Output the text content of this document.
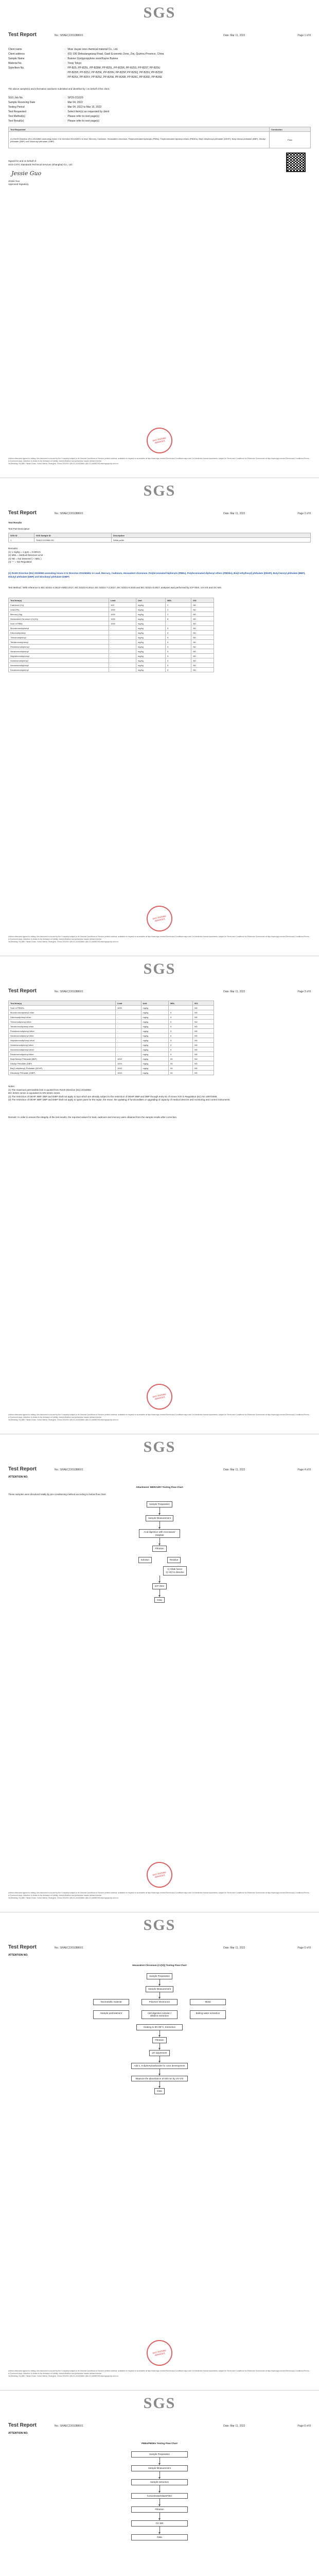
SGS
Test Report	No.: SHAEC2201088601	Date: Mar 11, 2022	Page 1 of 8
Client name	:	Wuxi Jiayan new chemical material Co., Ltd.
Client address	:	(ID) 106 Shitoutangxiang Road, Gaoli Economic Zone, Zinj, Quzhou Province, China

Sample Name	:	Butene-1/polypropylene resin/Kayne Butene
Material No.	:	Toray Tokyo
Style/Item No.	:	PP-B25, PP-B25L, PP-B25M, PP-B25L, PP-B25R, PP-B25S, PP-B25T, PP-B25U
		PP-B25H, PP-B25J, PP-B25K, PP-B25N, PP-B25P, PP-B25Q, PP-B25V, PP-B25W
		PP-B25X, PP-B25Y, PP-B25Z, PP-B26A, PP-B26B, PP-B26C, PP-B26D, PP-B26E
The above sample(s) and information was/were submitted and identified by / on behalf of the client.
SGS Job No.	:	SP20-211029
Sample Receiving Date	:	Mar 04, 2022
Testing Period	:	Mar 04, 2022 to Mar 16, 2022
Test Requested	:	Select Item(s) as requested by client
Test Method(s)	:	Please refer to next page(s)
Test Result(s)	:	Please refer to next page(s)
Test Requested	Conclusion
(1) RoHS Directive (EU) 2015/863 amending Annex II to Directive 2011/65/EU in lead, Mercury, Cadmium, Hexavalent chromium, Polybrominated biphenyls (PBBs), Polybrominated diphenyl ethers (PBDEs), Bis(2-ethylhexyl) phthalate (DEHP), Butyl benzyl phthalate (BBP), Dibutyl phthalate (DBP) and Diisobutyl phthalate (DIBP)	Pass
Signed for and on behalf of
SGS-CSTC Standards Technical Services (Shanghai) Co., Ltd.
Jessie Guo
Jessie Guo
Approved Signatory
SGS TESTING SERVICES
Unless otherwise agreed in writing, this document is issued by the Company subject to its General Conditions of Service printed overleaf, available on request or accessible at http://www.sgs.com/en/Terms-and-Conditions.aspx and, for electronic format documents, subject to Terms and Conditions for Electronic Documents at http://www.sgs.com/en/Terms-and-Conditions/Terms-e-Document.aspx. Attention is drawn to the limitation of liability, indemnification and jurisdiction issues defined therein.
3rd Building, No.889, Yishan Road, Xuhui District, Shanghai, China 200233 t (86-21) 61402666 f (86-21) 64958763 www.sgsgroup.com.cn
SGS
Test Report	No.: SHAEC2201088601	Date: Mar 11, 2022	Page 2 of 8
Test Results
Test Part Description
SGS ID	SGS Sample ID	Description
1	SHA22-010966.001	White pellet
Remarks:
(1) 1 mg/kg = 1 ppm = 0.0001%
(2) MDL = Method Detection Limit
(3) ND = Not Detected ( < MDL )
(4) "-" = Not Regulated
(1) RoHS Directive (EU) 2015/863 amending Annex II to Directive 2011/65/EU in Lead, Mercury, Cadmium, Hexavalent chromium, Polybrominated biphenyls (PBBs), Polybrominated diphenyl ethers (PBDEs), Bis(2-ethylhexyl) phthalate (DEHP), Butyl benzyl phthalate (BBP), Dibutyl phthalate (DBP) and Diisobutyl phthalate (DIBP)
Test Method : With reference to IEC 62321-4:2013+AMD1:2017, IEC 62321-5:2013, IEC 62321-7-2:2017, IEC 62321-6:2015 and IEC 62321-8:2017, analyses was performed by ICP-OES, UV-VIS and GC-MS.
Test Item(s)	Limit	Unit	MDL	001
Cadmium (Cd)	100	mg/kg	2	ND
Lead (Pb)	1000	mg/kg	2	ND
Mercury (Hg)	1000	mg/kg	2	ND
Hexavalent Chromium (Cr(VI))	1000	mg/kg	8	ND
Sum of PBBs	1000	mg/kg	-	ND
Monobromobiphenyl	-	mg/kg	5	ND
Dibromobiphenyl	-	mg/kg	5	ND
Tribromobiphenyl	-	mg/kg	5	ND
Tetrabromobiphenyl	-	mg/kg	5	ND
Pentabromobiphenyl	-	mg/kg	5	ND
Hexabromobiphenyl	-	mg/kg	5	ND
Heptabromobiphenyl	-	mg/kg	5	ND
Octabromobiphenyl	-	mg/kg	5	ND
Nonabromobiphenyl	-	mg/kg	5	ND
Decabromobiphenyl	-	mg/kg	5	ND
SGS TESTING SERVICES
Unless otherwise agreed in writing, this document is issued by the Company subject to its General Conditions of Service printed overleaf, available on request or accessible at http://www.sgs.com/en/Terms-and-Conditions.aspx and, for electronic format documents, subject to Terms and Conditions for Electronic Documents at http://www.sgs.com/en/Terms-and-Conditions/Terms-e-Document.aspx. Attention is drawn to the limitation of liability, indemnification and jurisdiction issues defined therein.
3rd Building, No.889, Yishan Road, Xuhui District, Shanghai, China 200233 t (86-21) 61402666 f (86-21) 64958763 www.sgsgroup.com.cn
SGS
Test Report	No.: SHAEC2201088601	Date: Mar 11, 2022	Page 3 of 8
Test Item(s)	Limit	Unit	MDL	001
Sum of PBDEs	1000	mg/kg	-	ND
Monobromodiphenyl ether	-	mg/kg	5	ND
Dibromodiphenyl ether	-	mg/kg	5	ND
Tribromodiphenyl ether	-	mg/kg	5	ND
Tetrabromodiphenyl ether	-	mg/kg	5	ND
Pentabromodiphenyl ether	-	mg/kg	5	ND
Hexabromodiphenyl ether	-	mg/kg	5	ND
Heptabromodiphenyl ether	-	mg/kg	5	ND
Octabromodiphenyl ether	-	mg/kg	5	ND
Nonabromodiphenyl ether	-	mg/kg	5	ND
Decabromodiphenyl ether	-	mg/kg	5	ND
Butyl Benzyl Phthalate (BBP)	1000	mg/kg	50	ND
Dibutyl Phthalate (DBP)	1000	mg/kg	50	ND
Bis(2-ethylhexyl) Phthalate (DEHP)	1000	mg/kg	50	ND
Diisobutyl Phthalate (DIBP)	1000	mg/kg	50	ND
Notes:
(1) The maximum permissible limit is quoted from RoHS Directive (EU) 2015/863.
IEC 62321 series is equivalent to EN 62321 series.
(2) The restriction of DEHP, BBP, DBP and DIBP shall not apply to toys which are already subject to the restriction of DEHP, BBP and DBP through entry 51 of Annex XVII to Regulation (EC) No 1907/2006.
(3) The restriction of DEHP, BBP, DBP and DIBP shall not apply to spare parts for the repair, the reuse, the updating of functionalities or upgrading of capacity of medical devices and monitoring and control instruments.
Remark: In order to ensure the integrity of the test results, the reported values for lead, cadmium and mercury were obtained from the sample results after correction.
SGS TESTING SERVICES
Unless otherwise agreed in writing, this document is issued by the Company subject to its General Conditions of Service printed overleaf, available on request or accessible at http://www.sgs.com/en/Terms-and-Conditions.aspx and, for electronic format documents, subject to Terms and Conditions for Electronic Documents at http://www.sgs.com/en/Terms-and-Conditions/Terms-e-Document.aspx. Attention is drawn to the limitation of liability, indemnification and jurisdiction issues defined therein.
3rd Building, No.889, Yishan Road, Xuhui District, Shanghai, China 200233 t (86-21) 61402666 f (86-21) 64958763 www.sgsgroup.com.cn
SGS
Test Report	No.: SHAEC2201088601	Date: Mar 11, 2022	Page 4 of 8
ATTENTION NO.
Attachment: MERCURY Testing Flow Chart
These samples were dissolved totally by pre-conditioning method according to below flow chart.
Sample Preparation
Sample Measurement
Acid digestion with microwave/ Hotplate
Filtration
Solution	Residue
1) Alkali fusion
2) HCl to dissolve
ICP-OES
Data
SGS TESTING SERVICES
Unless otherwise agreed in writing, this document is issued by the Company subject to its General Conditions of Service printed overleaf, available on request or accessible at http://www.sgs.com/en/Terms-and-Conditions.aspx and, for electronic format documents, subject to Terms and Conditions for Electronic Documents at http://www.sgs.com/en/Terms-and-Conditions/Terms-e-Document.aspx. Attention is drawn to the limitation of liability, indemnification and jurisdiction issues defined therein.
3rd Building, No.889, Yishan Road, Xuhui District, Shanghai, China 200233 t (86-21) 61402666 f (86-21) 64958763 www.sgsgroup.com.cn
SGS
Test Report	No.: SHAEC2201088601	Date: Mar 11, 2022	Page 5 of 8
ATTENTION NO.
Hexavalent Chromium (Cr(VI)) Testing Flow Chart
Sample Preparation
Sample Measurement
Nonmetallic material	Polymer/ electronics	Metal
Sample pretreatment	Add digestion solution / alkaline extraction
Boiling water extraction
Heating to 90~95°C, Extraction
Filtration
pH adjustment
Add 1, 5-diphenylcarbazide for color development
Measure the absorbance at 540 nm by UV-VIS
Data
SGS TESTING SERVICES
Unless otherwise agreed in writing, this document is issued by the Company subject to its General Conditions of Service printed overleaf, available on request or accessible at http://www.sgs.com/en/Terms-and-Conditions.aspx and, for electronic format documents, subject to Terms and Conditions for Electronic Documents at http://www.sgs.com/en/Terms-and-Conditions/Terms-e-Document.aspx. Attention is drawn to the limitation of liability, indemnification and jurisdiction issues defined therein.
3rd Building, No.889, Yishan Road, Xuhui District, Shanghai, China 200233 t (86-21) 61402666 f (86-21) 64958763 www.sgsgroup.com.cn
SGS
Test Report	No.: SHAEC2201088601	Date: Mar 11, 2022	Page 6 of 8
ATTENTION NO.
PBBs/PBDEs Testing Flow Chart
Sample Preparation
Sample Measurement
Sample extraction
Concentrate/Dilute/Filter
Filtration
GC-MS
Data
